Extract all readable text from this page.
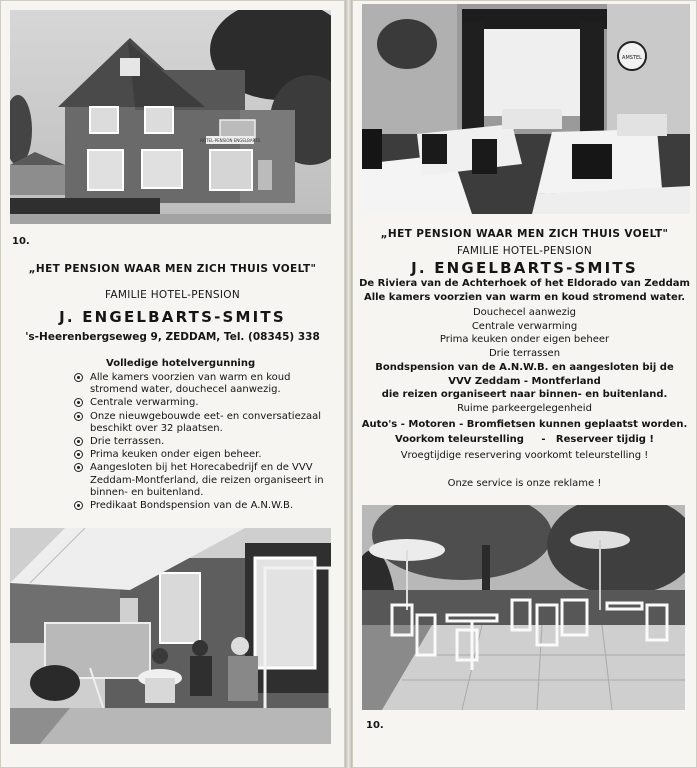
HOTEL-PENSION ENGELBARTS
10.
„HET PENSION WAAR MEN ZICH THUIS VOELT"
FAMILIE HOTEL-PENSION
J. ENGELBARTS-SMITS
's-Heerenbergseweg 9, ZEDDAM, Tel. (08345) 338
Volledige hotelvergunning
Alle kamers voorzien van warm en koud stromend water, douchecel aanwezig.
Centrale verwarming.
Onze nieuwgebouwde eet- en conversatiezaal beschikt over 32 plaatsen.
Drie terrassen.
Prima keuken onder eigen beheer.
Aangesloten bij het Horecabedrijf en de VVV Zeddam-Montferland, die reizen organiseert in binnen- en buitenland.
Predikaat Bondspension van de A.N.W.B.
AMSTEL
„HET PENSION WAAR MEN ZICH THUIS VOELT"
FAMILIE HOTEL-PENSION
J. ENGELBARTS-SMITS
De Riviera van de Achterhoek of het Eldorado van Zeddam
Alle kamers voorzien van warm en koud stromend water.
Douchecel aanwezig
Centrale verwarming
Prima keuken onder eigen beheer
Drie terrassen
Bondspension van de A.N.W.B. en aangesloten bij de
VVV Zeddam - Montferland
die reizen organiseert naar binnen- en buitenland.
Ruime parkeergelegenheid
Auto's - Motoren - Bromfietsen kunnen geplaatst worden.
Voorkom teleurstelling     -   Reserveer tijdig !
Vroegtijdige reservering voorkomt teleurstelling !
Onze service is onze reklame !
10.
